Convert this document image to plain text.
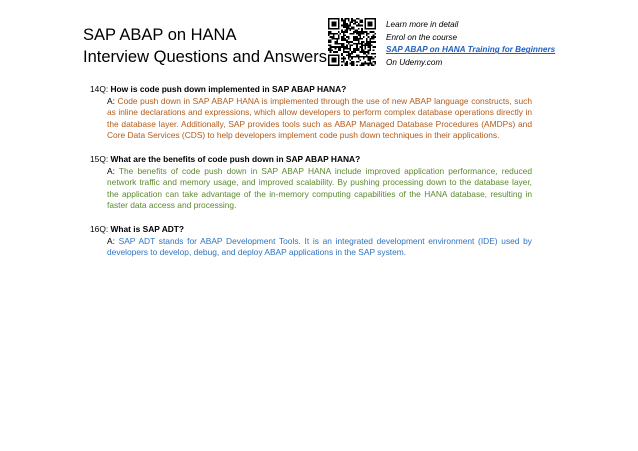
SAP ABAP on HANA
Interview Questions and Answers
Learn more in detail
Enrol on the course
SAP ABAP on HANA Training for Beginners
On Udemy.com
14Q: How is code push down implemented in SAP ABAP HANA?
A: Code push down in SAP ABAP HANA is implemented through the use of new ABAP language constructs, such as inline declarations and expressions, which allow developers to perform complex database operations directly in the database layer. Additionally, SAP provides tools such as ABAP Managed Database Procedures (AMDPs) and Core Data Services (CDS) to help developers implement code push down techniques in their applications.
15Q: What are the benefits of code push down in SAP ABAP HANA?
A: The benefits of code push down in SAP ABAP HANA include improved application performance, reduced network traffic and memory usage, and improved scalability. By pushing processing down to the database layer, the application can take advantage of the in-memory computing capabilities of the HANA database, resulting in faster data access and processing.
16Q: What is SAP ADT?
A: SAP ADT stands for ABAP Development Tools. It is an integrated development environment (IDE) used by developers to develop, debug, and deploy ABAP applications in the SAP system.
